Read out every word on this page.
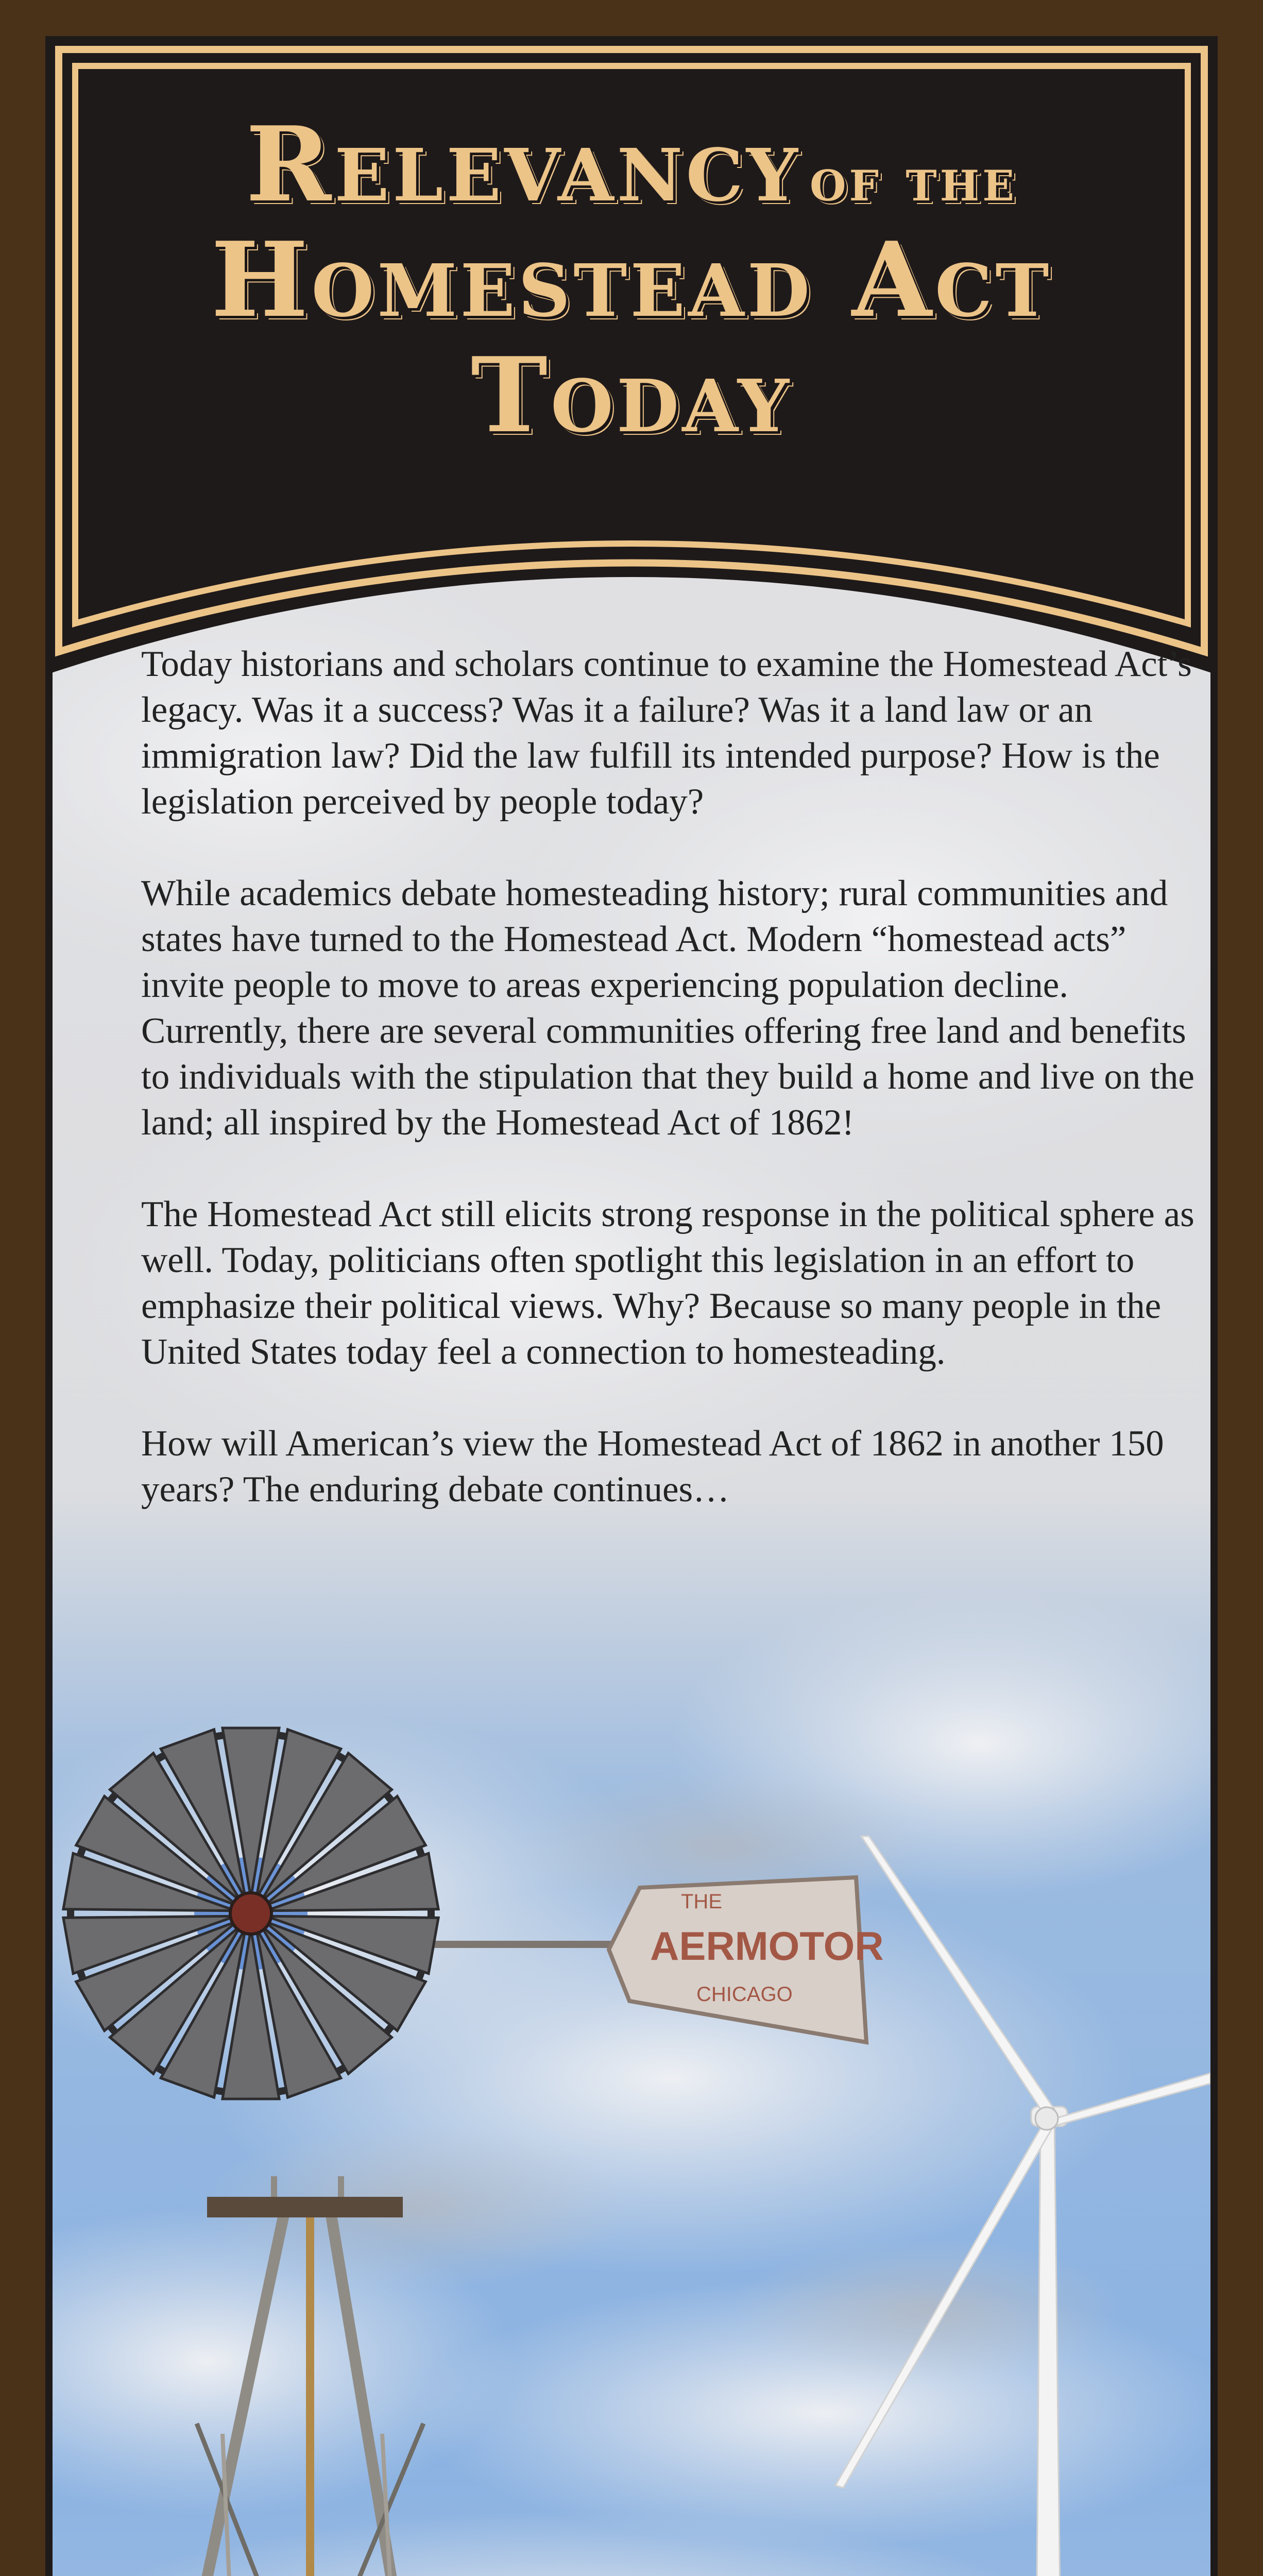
AERMOTOR
THE
CHICAGO
Relevancy of the
Homestead Act
Today

Today historians and scholars continue to examine the Homestead Act’s legacy. Was it a success? Was it a failure? Was it a land law or an immigration law? Did the law fulfill its intended purpose? How is the legislation perceived by people today?

While academics debate homesteading history; rural communities and states have turned to the Homestead Act. Modern “homestead acts” invite people to move to areas experiencing population decline. Currently, there are several communities offering free land and benefits to individuals with the stipulation that they build a home and live on the land; all inspired by the Homestead Act of 1862!

The Homestead Act still elicits strong response in the political sphere as well. Today, politicians often spotlight this legislation in an effort to emphasize their political views. Why? Because so many people in the United States today feel a connection to homesteading.

How will American’s view the Homestead Act of 1862 in another 150 years? The enduring debate continues…
